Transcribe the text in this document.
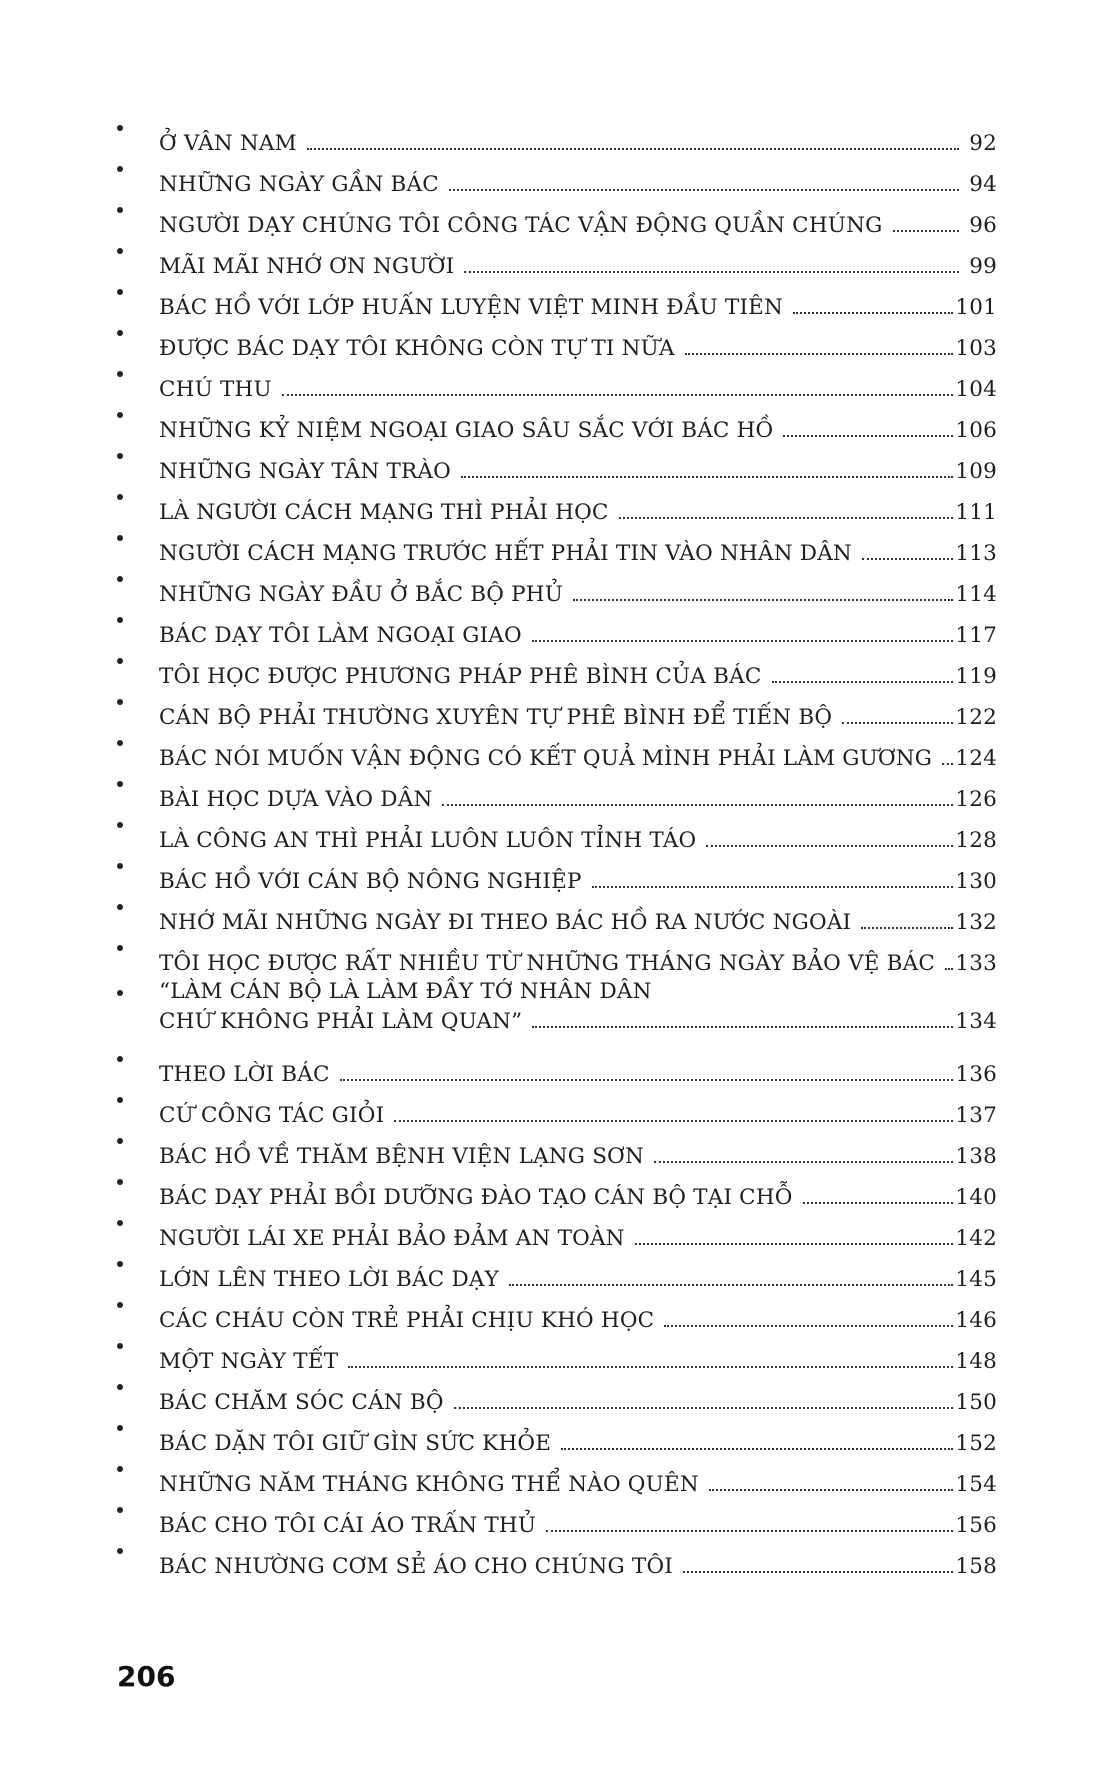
Ở VÂN NAM	92
NHỮNG NGÀY GẦN BÁC	94
NGƯỜI DẠY CHÚNG TÔI CÔNG TÁC VẬN ĐỘNG QUẦN CHÚNG	96
MÃI MÃI NHỚ ƠN NGƯỜI	99
BÁC HỒ VỚI LỚP HUẤN LUYỆN VIỆT MINH ĐẦU TIÊN	101
ĐƯỢC BÁC DẠY TÔI KHÔNG CÒN TỰ TI NỮA	103
CHÚ THU	104
NHỮNG KỶ NIỆM NGOẠI GIAO SÂU SẮC VỚI BÁC HỒ	106
NHỮNG NGÀY TÂN TRÀO	109
LÀ NGƯỜI CÁCH MẠNG THÌ PHẢI HỌC	111
NGƯỜI CÁCH MẠNG TRƯỚC HẾT PHẢI TIN VÀO NHÂN DÂN	113
NHỮNG NGÀY ĐẦU Ở BẮC BỘ PHỦ	114
BÁC DẠY TÔI LÀM NGOẠI GIAO	117
TÔI HỌC ĐƯỢC PHƯƠNG PHÁP PHÊ BÌNH CỦA BÁC	119
CÁN BỘ PHẢI THƯỜNG XUYÊN TỰ PHÊ BÌNH ĐỂ TIẾN BỘ	122
BÁC NÓI MUỐN VẬN ĐỘNG CÓ KẾT QUẢ MÌNH PHẢI LÀM GƯƠNG 124
BÀI HỌC DỰA VÀO DÂN	126
LÀ CÔNG AN THÌ PHẢI LUÔN LUÔN TỈNH TÁO	128
BÁC HỒ VỚI CÁN BỘ NÔNG NGHIỆP	130
NHỚ MÃI NHỮNG NGÀY ĐI THEO BÁC HỒ RA NƯỚC NGOÀI	132
TÔI HỌC ĐƯỢC RẤT NHIỀU TỪ NHỮNG THÁNG NGÀY BẢO VỆ BÁC 133
“LÀM CÁN BỘ LÀ LÀM ĐẦY TỚ NHÂN DÂN
CHỨ KHÔNG PHẢI LÀM QUAN”	134
THEO LỜI BÁC	136
CỨ CÔNG TÁC GIỎI	137
BÁC HỒ VỀ THĂM BỆNH VIỆN LẠNG SƠN	138
BÁC DẠY PHẢI BỒI DƯỠNG ĐÀO TẠO CÁN BỘ TẠI CHỖ	140
NGƯỜI LÁI XE PHẢI BẢO ĐẢM AN TOÀN	142
LỚN LÊN THEO LỜI BÁC DẠY	145
CÁC CHÁU CÒN TRẺ PHẢI CHỊU KHÓ HỌC	146
MỘT NGÀY TẾT	148
BÁC CHĂM SÓC CÁN BỘ	150
BÁC DẶN TÔI GIỮ GÌN SỨC KHỎE	152
NHỮNG NĂM THÁNG KHÔNG THỂ NÀO QUÊN	154
BÁC CHO TÔI CÁI ÁO TRẤN THỦ	156
BÁC NHƯỜNG CƠM SẺ ÁO CHO CHÚNG TÔI	158
206
